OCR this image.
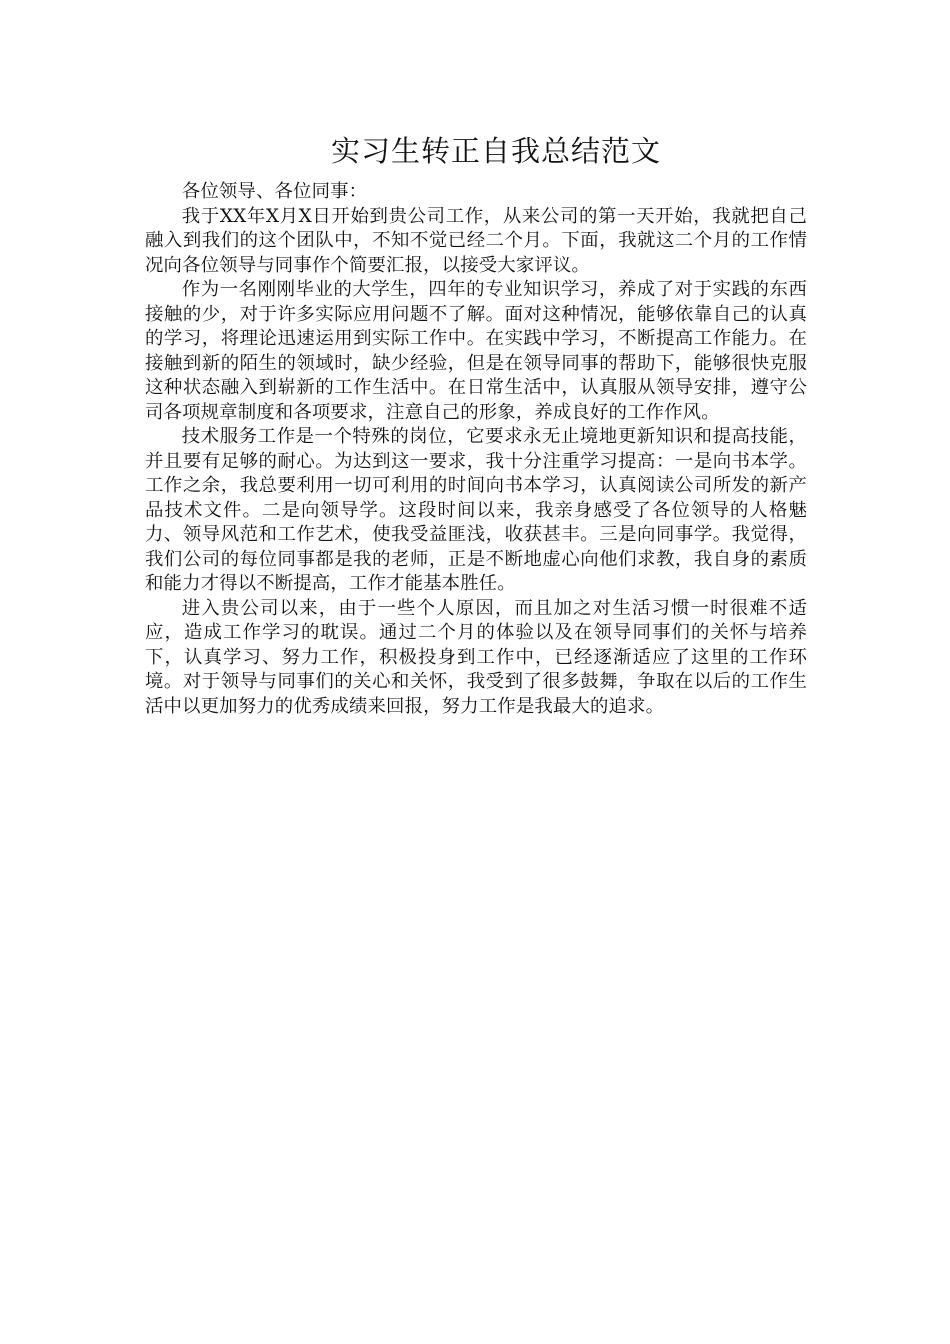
实习生转正自我总结范文

各位领导、各位同事：

我于XX年X月X日开始到贵公司工作，从来公司的第一天开始，我就把自己融入到我们的这个团队中，不知不觉已经二个月。下面，我就这二个月的工作情况向各位领导与同事作个简要汇报，以接受大家评议。

作为一名刚刚毕业的大学生，四年的专业知识学习，养成了对于实践的东西接触的少，对于许多实际应用问题不了解。面对这种情况，能够依靠自己的认真的学习，将理论迅速运用到实际工作中。在实践中学习，不断提高工作能力。在接触到新的陌生的领域时，缺少经验，但是在领导同事的帮助下，能够很快克服这种状态融入到崭新的工作生活中。在日常生活中，认真服从领导安排，遵守公司各项规章制度和各项要求，注意自己的形象，养成良好的工作作风。

技术服务工作是一个特殊的岗位，它要求永无止境地更新知识和提高技能，并且要有足够的耐心。为达到这一要求，我十分注重学习提高：一是向书本学。工作之余，我总要利用一切可利用的时间向书本学习，认真阅读公司所发的新产品技术文件。二是向领导学。这段时间以来，我亲身感受了各位领导的人格魅力、领导风范和工作艺术，使我受益匪浅，收获甚丰。三是向同事学。我觉得，我们公司的每位同事都是我的老师，正是不断地虚心向他们求教，我自身的素质和能力才得以不断提高，工作才能基本胜任。

进入贵公司以来，由于一些个人原因，而且加之对生活习惯一时很难不适应，造成工作学习的耽误。通过二个月的体验以及在领导同事们的关怀与培养下，认真学习、努力工作，积极投身到工作中，已经逐渐适应了这里的工作环境。对于领导与同事们的关心和关怀，我受到了很多鼓舞，争取在以后的工作生活中以更加努力的优秀成绩来回报，努力工作是我最大的追求。
